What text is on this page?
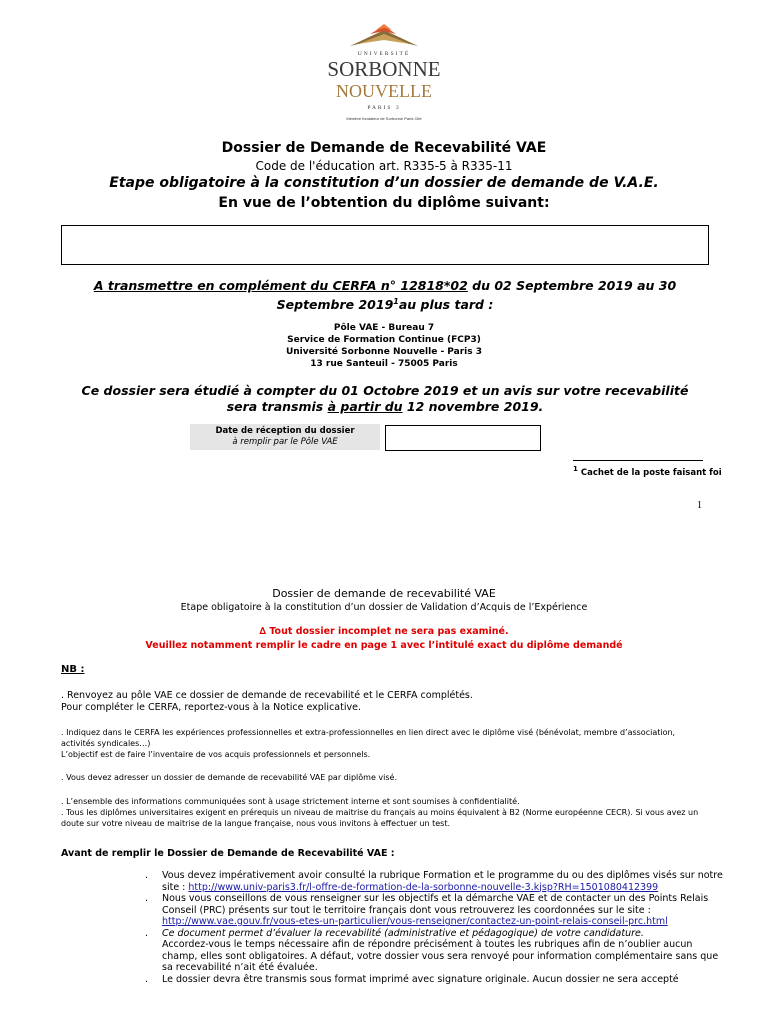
UNIVERSITÉ
SORBONNE
NOUVELLE
PARIS 3
Membre fondateur de Sorbonne Paris Cité
Dossier de Demande de Recevabilité VAE
Code de l'éducation art. R335-5 à R335-11
Etape obligatoire à la constitution d’un dossier de demande de V.A.E.
En vue de l’obtention du diplôme suivant:
A transmettre en complément du CERFA n° 12818*02 du 02 Septembre 2019 au 30 Septembre 2019$^1$au plus tard :
Pôle VAE - Bureau 7
Service de Formation Continue (FCP3)
Université Sorbonne Nouvelle - Paris 3
13 rue Santeuil - 75005 Paris
Ce dossier sera étudié à compter du 01 Octobre 2019 et un avis sur votre recevabilité sera transmis à partir du 12 novembre 2019.
Date de réception du dossier
à remplir par le Pôle VAE
$^1$ Cachet de la poste faisant foi
1
Dossier de demande de recevabilité VAE
Etape obligatoire à la constitution d’un dossier de Validation d’Acquis de l’Expérience
∆ Tout dossier incomplet ne sera pas examiné.
Veuillez notamment remplir le cadre en page 1 avec l’intitulé exact du diplôme demandé
NB :
. Renvoyez au pôle VAE ce dossier de demande de recevabilité et le CERFA complétés.
Pour compléter le CERFA, reportez-vous à la Notice explicative.
. Indiquez dans le CERFA les expériences professionnelles et extra-professionnelles en lien direct avec le diplôme visé (bénévolat, membre d’association, activités syndicales…)
L’objectif est de faire l’inventaire de vos acquis professionnels et personnels.
. Vous devez adresser un dossier de demande de recevabilité VAE par diplôme visé.
. L’ensemble des informations communiquées sont à usage strictement interne et sont soumises à confidentialité.
. Tous les diplômes universitaires exigent en prérequis un niveau de maitrise du français au moins équivalent à B2 (Norme européenne CECR). Si vous avez un doute sur votre niveau de maitrise de la langue française, nous vous invitons à effectuer un test.
Avant de remplir le Dossier de Demande de Recevabilité VAE :
. Vous devez impérativement avoir consulté la rubrique Formation et le programme du ou des diplômes visés sur notre site : http://www.univ-paris3.fr/l-offre-de-formation-de-la-sorbonne-nouvelle-3.kjsp?RH=1501080412399
. Nous vous conseillons de vous renseigner sur les objectifs et la démarche VAE et de contacter un des Points Relais Conseil (PRC) présents sur tout le territoire français dont vous retrouverez les coordonnées sur le site : http://www.vae.gouv.fr/vous-etes-un-particulier/vous-renseigner/contactez-un-point-relais-conseil-prc.html
. Ce document permet d’évaluer la recevabilité (administrative et pédagogique) de votre candidature.
Accordez-vous le temps nécessaire afin de répondre précisément à toutes les rubriques afin de n’oublier aucun champ, elles sont obligatoires. A défaut, votre dossier vous sera renvoyé pour information complémentaire sans que sa recevabilité n’ait été évaluée.
. Le dossier devra être transmis sous format imprimé avec signature originale. Aucun dossier ne sera accepté
